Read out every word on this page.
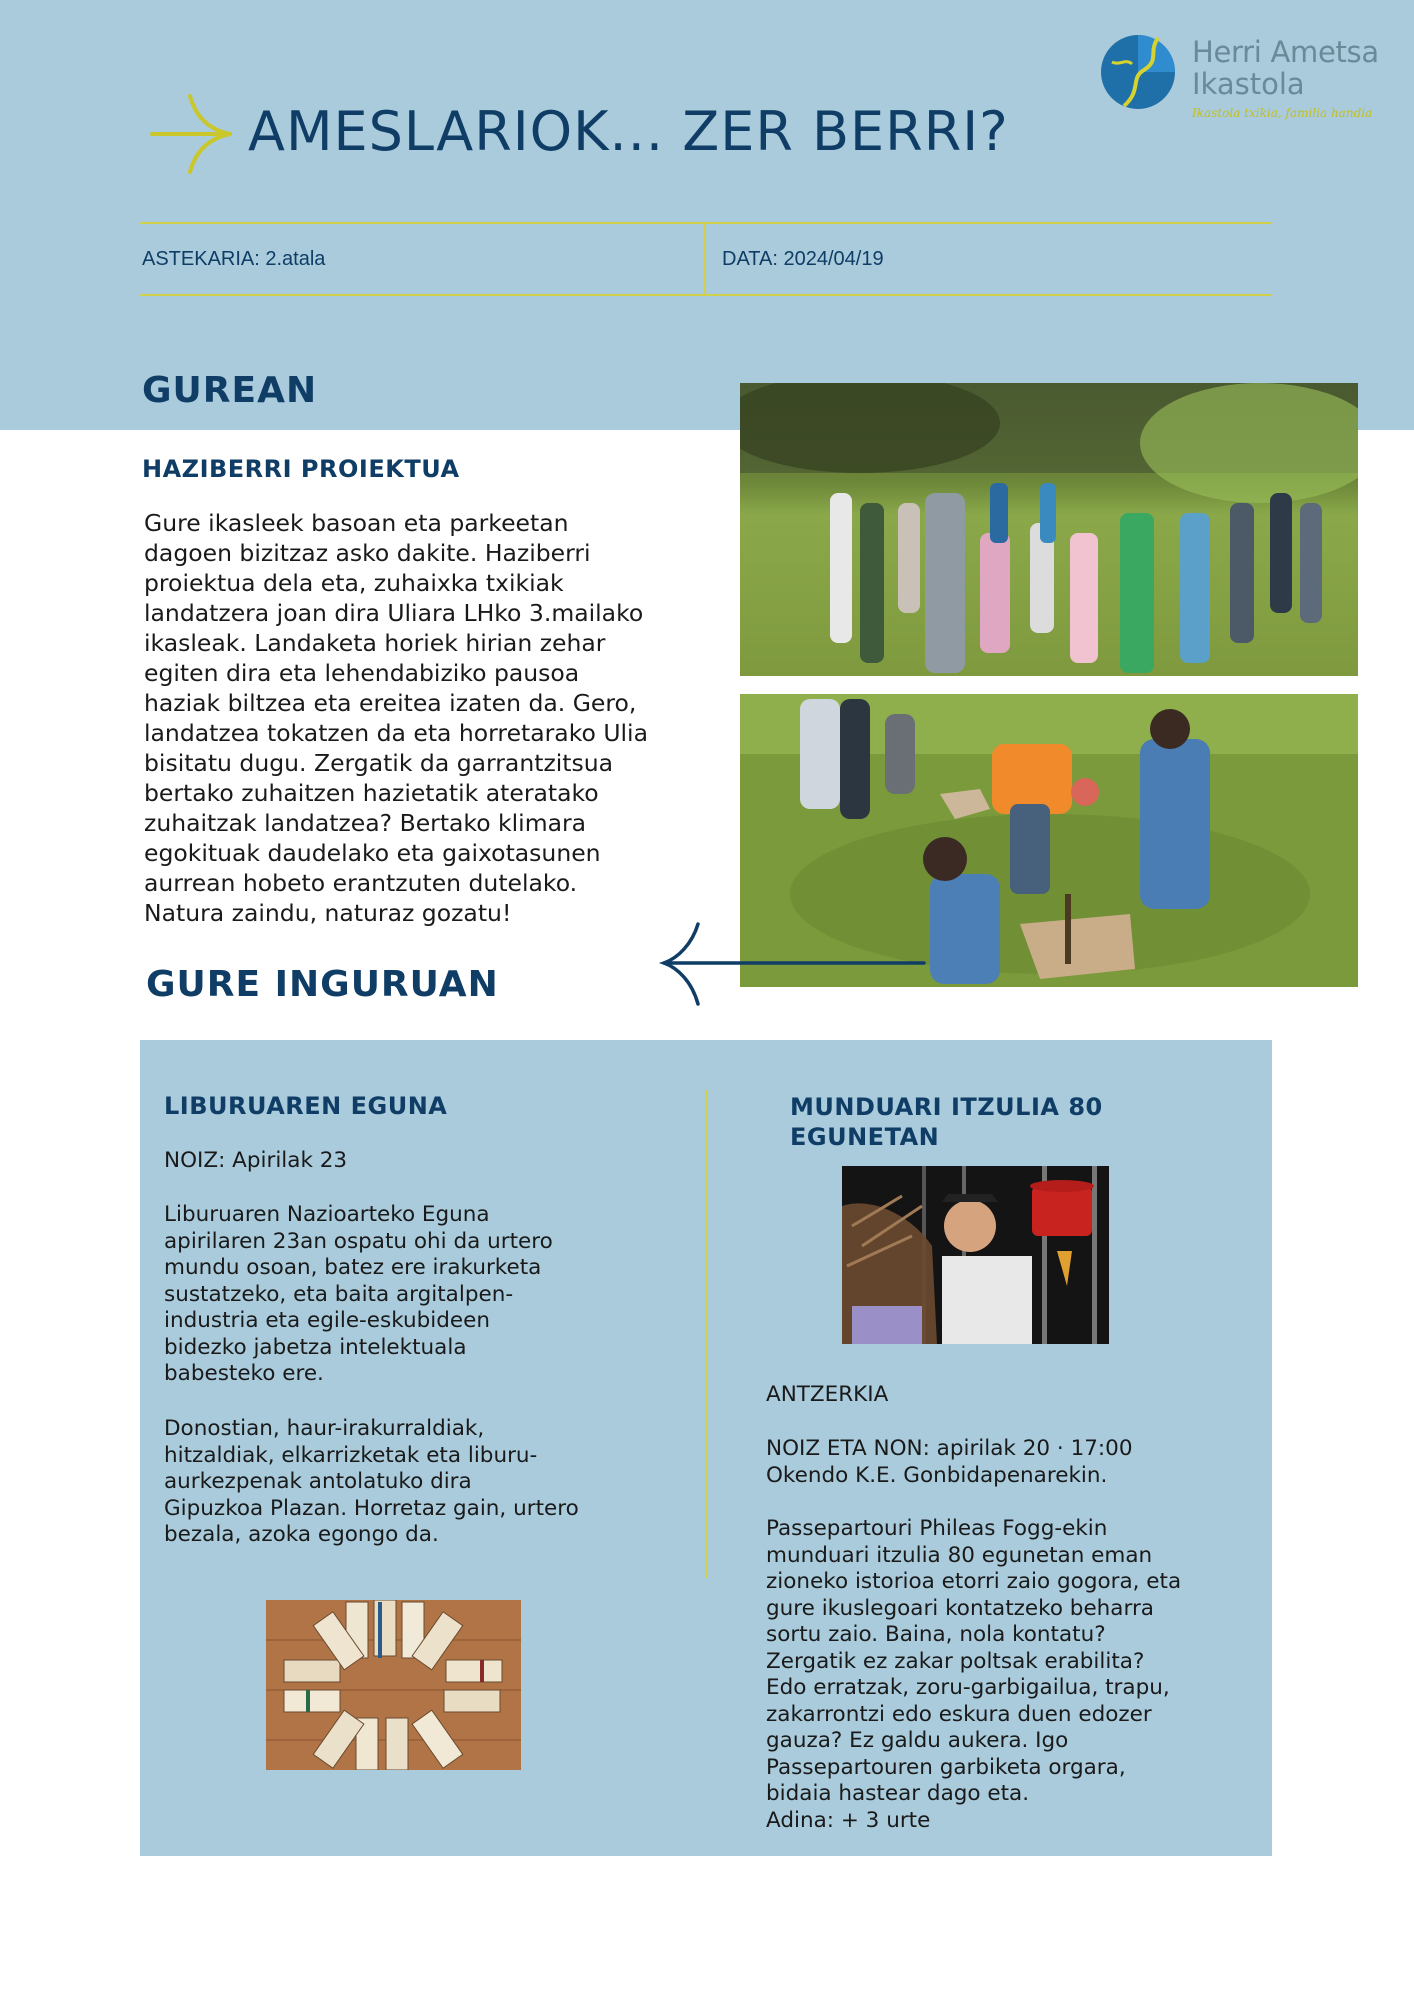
Herri Ametsa
Ikastola
Ikastola txikia, familia handia
AMESLARIOK... ZER BERRI?
ASTEKARIA: 2.atala	DATA: 2024/04/19
GUREAN
HAZIBERRI PROIEKTUA
Gure ikasleek basoan eta parkeetan
dagoen bizitzaz asko dakite. Haziberri
proiektua dela eta, zuhaixka txikiak
landatzera joan dira Uliara LHko 3.mailako
ikasleak. Landaketa horiek hirian zehar
egiten dira eta lehendabiziko pausoa
haziak biltzea eta ereitea izaten da. Gero,
landatzea tokatzen da eta horretarako Ulia
bisitatu dugu. Zergatik da garrantzitsua
bertako zuhaitzen hazietatik ateratako
zuhaitzak landatzea? Bertako klimara
egokituak daudelako eta gaixotasunen
aurrean hobeto erantzuten dutelako.
Natura zaindu, naturaz gozatu!
GURE INGURUAN
LIBURUAREN EGUNA
NOIZ: Apirilak 23
Liburuaren Nazioarteko Eguna
apirilaren 23an ospatu ohi da urtero
mundu osoan, batez ere irakurketa
sustatzeko, eta baita argitalpen-
industria eta egile-eskubideen
bidezko jabetza intelektuala
babesteko ere.
Donostian, haur-irakurraldiak,
hitzaldiak, elkarrizketak eta liburu-
aurkezpenak antolatuko dira
Gipuzkoa Plazan. Horretaz gain, urtero
bezala, azoka egongo da.
MUNDUARI ITZULIA 80
EGUNETAN
ANTZERKIA
NOIZ ETA NON: apirilak 20 · 17:00
Okendo K.E. Gonbidapenarekin.
Passepartouri Phileas Fogg-ekin
munduari itzulia 80 egunetan eman
zioneko istorioa etorri zaio gogora, eta
gure ikuslegoari kontatzeko beharra
sortu zaio. Baina, nola kontatu?
Zergatik ez zakar poltsak erabilita?
Edo erratzak, zoru-garbigailua, trapu,
zakarrontzi edo eskura duen edozer
gauza? Ez galdu aukera. Igo
Passepartouren garbiketa orgara,
bidaia hastear dago eta.
Adina: + 3 urte
